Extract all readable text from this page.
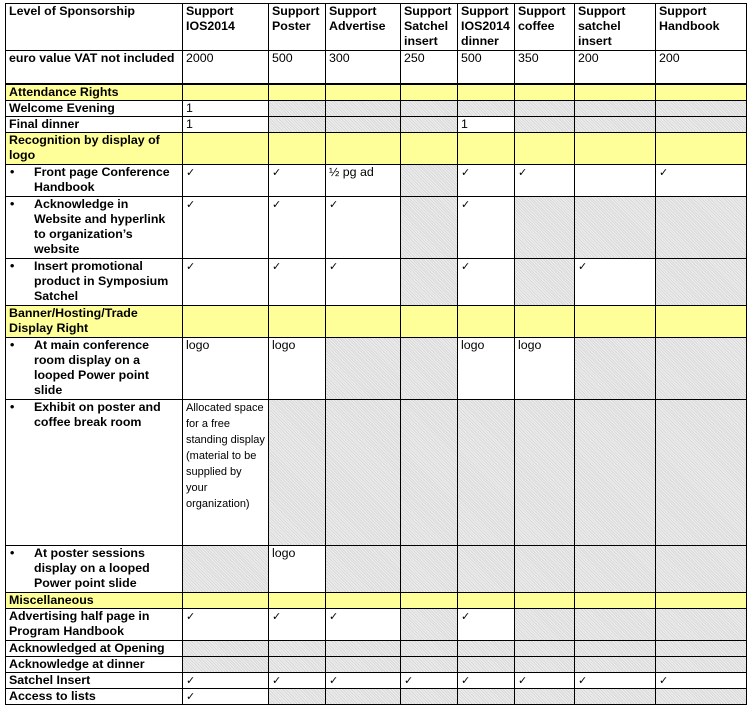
Level of Sponsorship	Support IOS2014	Support Poster	Support Advertise	Support Satchel insert	Support IOS2014 dinner	Support coffee	Support satchel insert	Support Handbook
euro value VAT not included	2000	500	300	250	500	350	200	200
Attendance Rights								
Welcome Evening	1							
Final dinner	1				1			
Recognition by display of logo								

• Front page Conference Handbook	✓	✓	½ pg ad		✓	✓		✓

• Acknowledge in Website and hyperlink to organization’s website	✓	✓	✓		✓			

• Insert promotional product in Symposium Satchel	✓	✓	✓		✓		✓	
Banner/Hosting/Trade Display Right								

• At main conference room display on a looped Power point slide	logo	logo			logo	logo		

• Exhibit on poster and coffee break room	Allocated space for a free standing display (material to be supplied by your organization)							

• At poster sessions display on a looped Power point slide		logo						
Miscellaneous								
Advertising half page in Program Handbook	✓	✓	✓		✓			
Acknowledged at Opening								
Acknowledge at dinner								
Satchel Insert	✓	✓	✓	✓	✓	✓	✓	✓
Access to lists	✓							
